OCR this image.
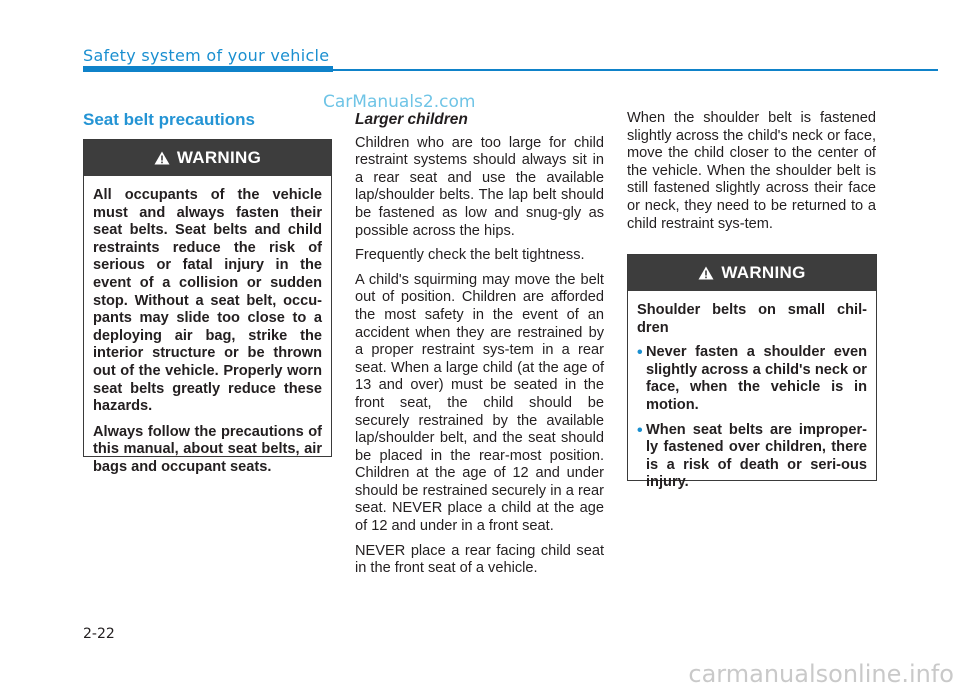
Safety system of your vehicle
CarManuals2.com
Seat belt precautions
WARNING

All occupants of the vehicle must and always fasten their seat belts. Seat belts and child restraints reduce the risk of serious or fatal injury in the event of a collision or sudden stop. Without a seat belt, occu-pants may slide too close to a deploying air bag, strike the interior structure or be thrown out of the vehicle. Properly worn seat belts greatly reduce these hazards.

Always follow the precautions of this manual, about seat belts, air bags and occupant seats.

Larger children

Children who are too large for child restraint systems should always sit in a rear seat and use the available lap/shoulder belts. The lap belt should be fastened as low and snug-gly as possible across the hips.

Frequently check the belt tightness.

A child's squirming may move the belt out of position. Children are afforded the most safety in the event of an accident when they are restrained by a proper restraint sys-tem in a rear seat. When a large child (at the age of 13 and over) must be seated in the front seat, the child should be securely restrained by the available lap/shoulder belt, and the seat should be placed in the rear-most position. Children at the age of 12 and under should be restrained securely in a rear seat. NEVER place a child at the age of 12 and under in a front seat.

NEVER place a rear facing child seat in the front seat of a vehicle.

When the shoulder belt is fastened slightly across the child's neck or face, move the child closer to the center of the vehicle. When the shoulder belt is still fastened slightly across their face or neck, they need to be returned to a child restraint sys-tem.

WARNING

Shoulder belts on small chil-dren

• Never fasten a shoulder even slightly across a child's neck or face, when the vehicle is in motion.
• When seat belts are improper-ly fastened over children, there is a risk of death or seri-ous injury.
2-22
carmanualsonline.info
